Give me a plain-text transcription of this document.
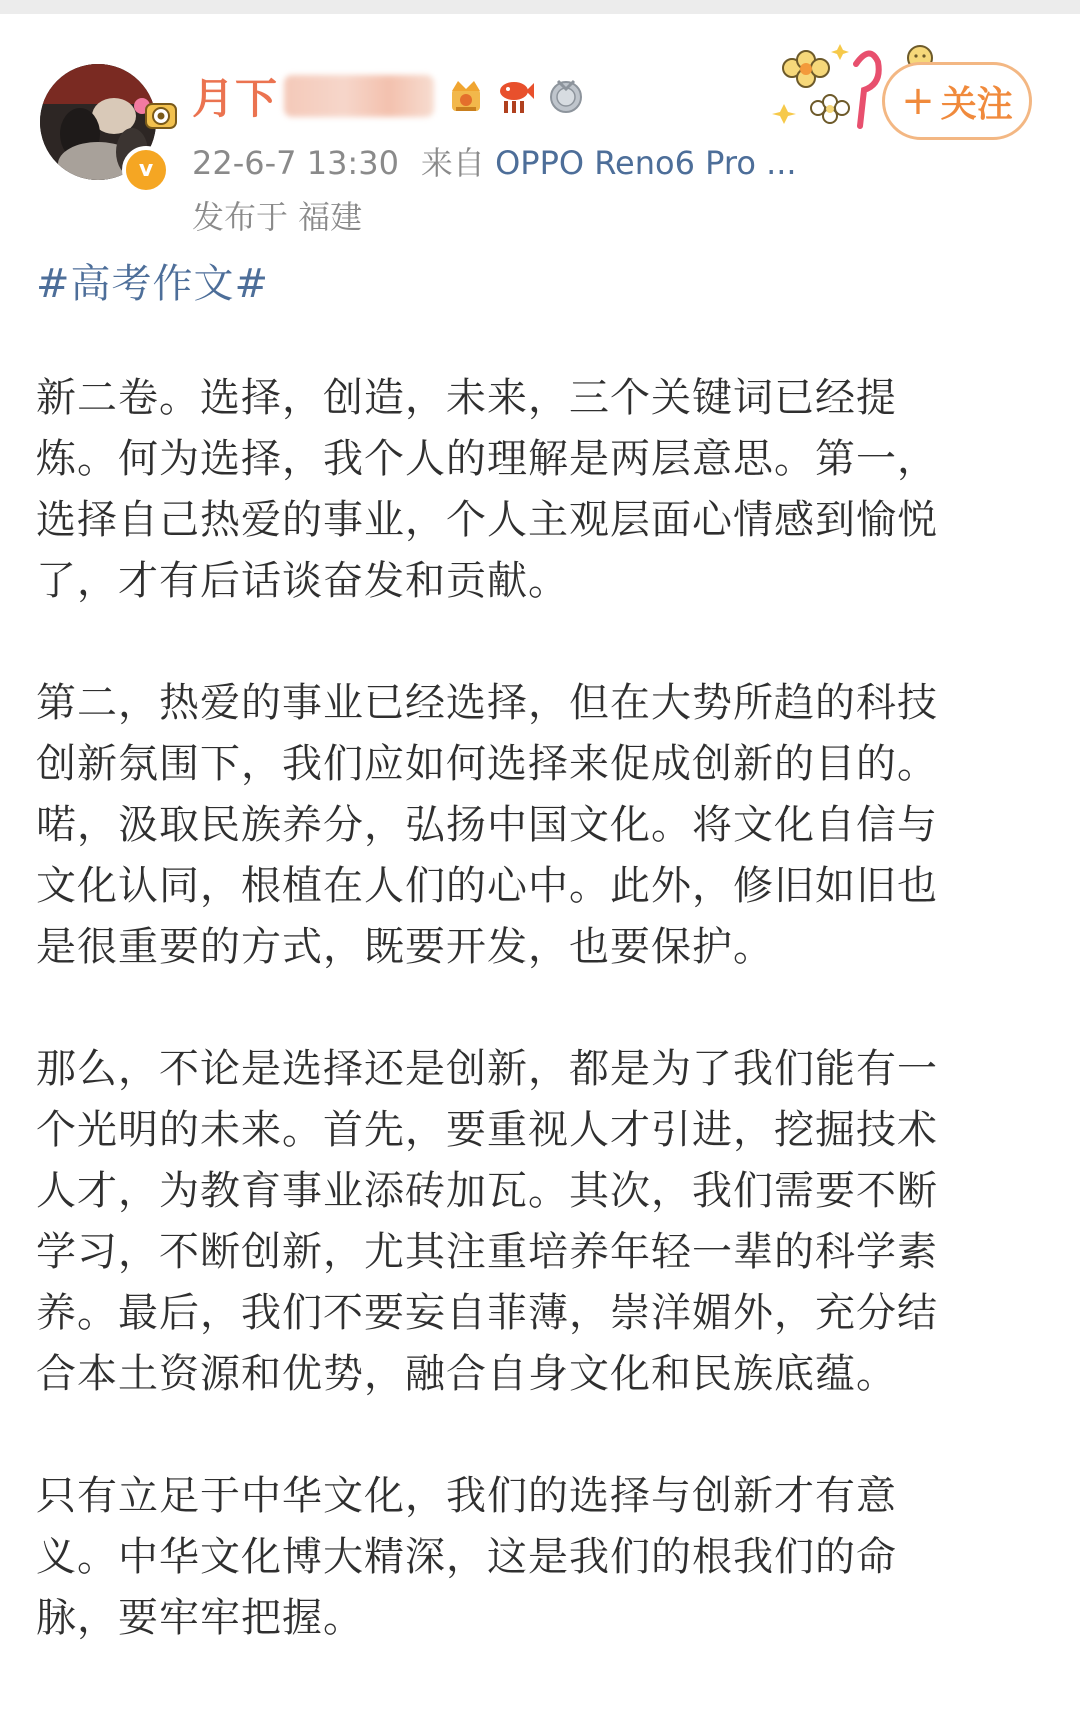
v
月下
22-6-7 13:30 来自 OPPO Reno6 Pro ...
发布于 福建
+ 关注
#高考作文#

新二卷。选择，创造，未来，三个关键词已经提
炼。何为选择，我个人的理解是两层意思。第一，
选择自己热爱的事业，个人主观层面心情感到愉悦
了，才有后话谈奋发和贡献。

第二，热爱的事业已经选择，但在大势所趋的科技
创新氛围下，我们应如何选择来促成创新的目的。
喏，汲取民族养分，弘扬中国文化。将文化自信与
文化认同，根植在人们的心中。此外，修旧如旧也
是很重要的方式，既要开发，也要保护。

那么，不论是选择还是创新，都是为了我们能有一
个光明的未来。首先，要重视人才引进，挖掘技术
人才，为教育事业添砖加瓦。其次，我们需要不断
学习，不断创新，尤其注重培养年轻一辈的科学素
养。最后，我们不要妄自菲薄，崇洋媚外，充分结
合本土资源和优势，融合自身文化和民族底蕴。

只有立足于中华文化，我们的选择与创新才有意
义。中华文化博大精深，这是我们的根我们的命
脉，要牢牢把握。
